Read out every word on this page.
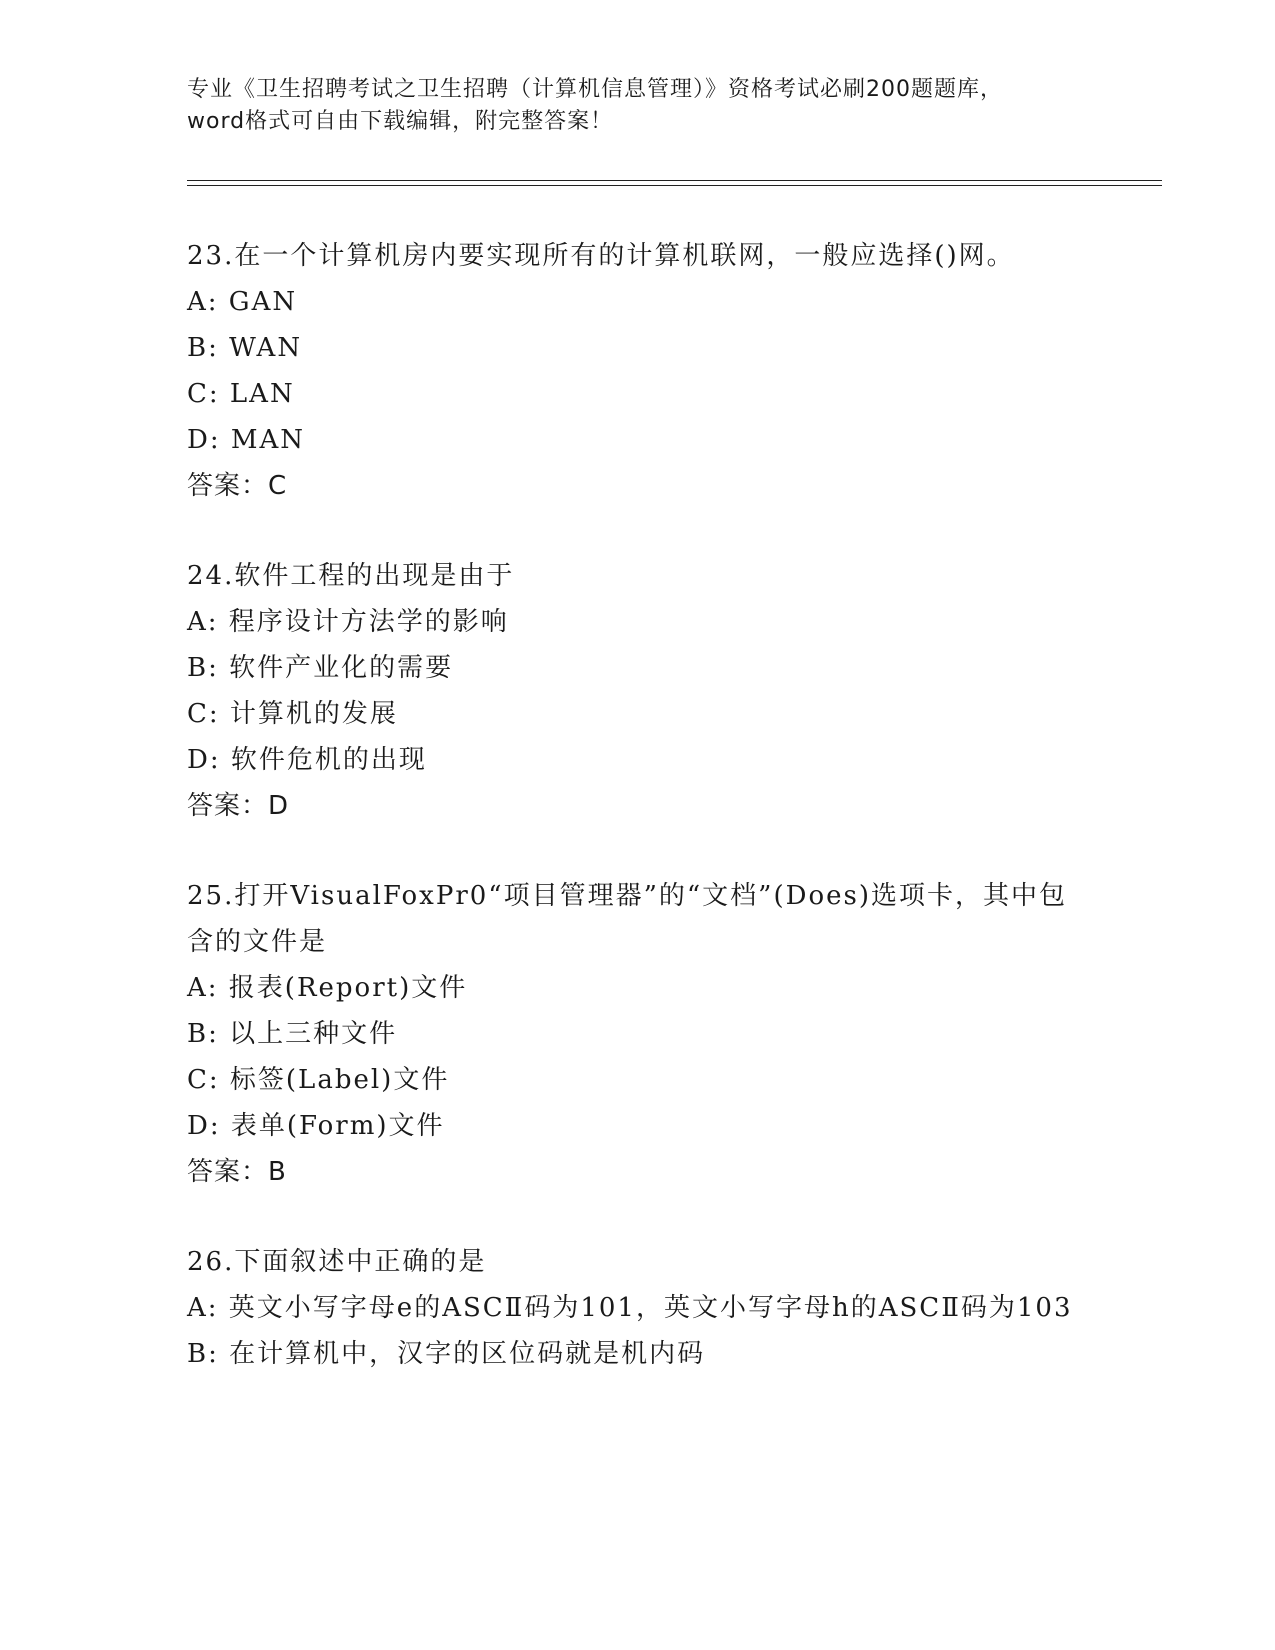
专业《卫生招聘考试之卫生招聘（计算机信息管理）》资格考试必刷200题题库，
word格式可自由下载编辑，附完整答案！
23.在一个计算机房内要实现所有的计算机联网，一般应选择()网。
A: GAN
B: WAN
C: LAN
D: MAN
答案：C
24.软件工程的出现是由于
A: 程序设计方法学的影响
B: 软件产业化的需要
C: 计算机的发展
D: 软件危机的出现
答案：D
25.打开VisualFoxPr0“项目管理器”的“文档”(Does)选项卡，其中包含的文件是
A: 报表(Report)文件
B: 以上三种文件
C: 标签(Label)文件
D: 表单(Form)文件
答案：B
26.下面叙述中正确的是
A: 英文小写字母e的ASCⅡ码为101，英文小写字母h的ASCⅡ码为103
B: 在计算机中，汉字的区位码就是机内码
